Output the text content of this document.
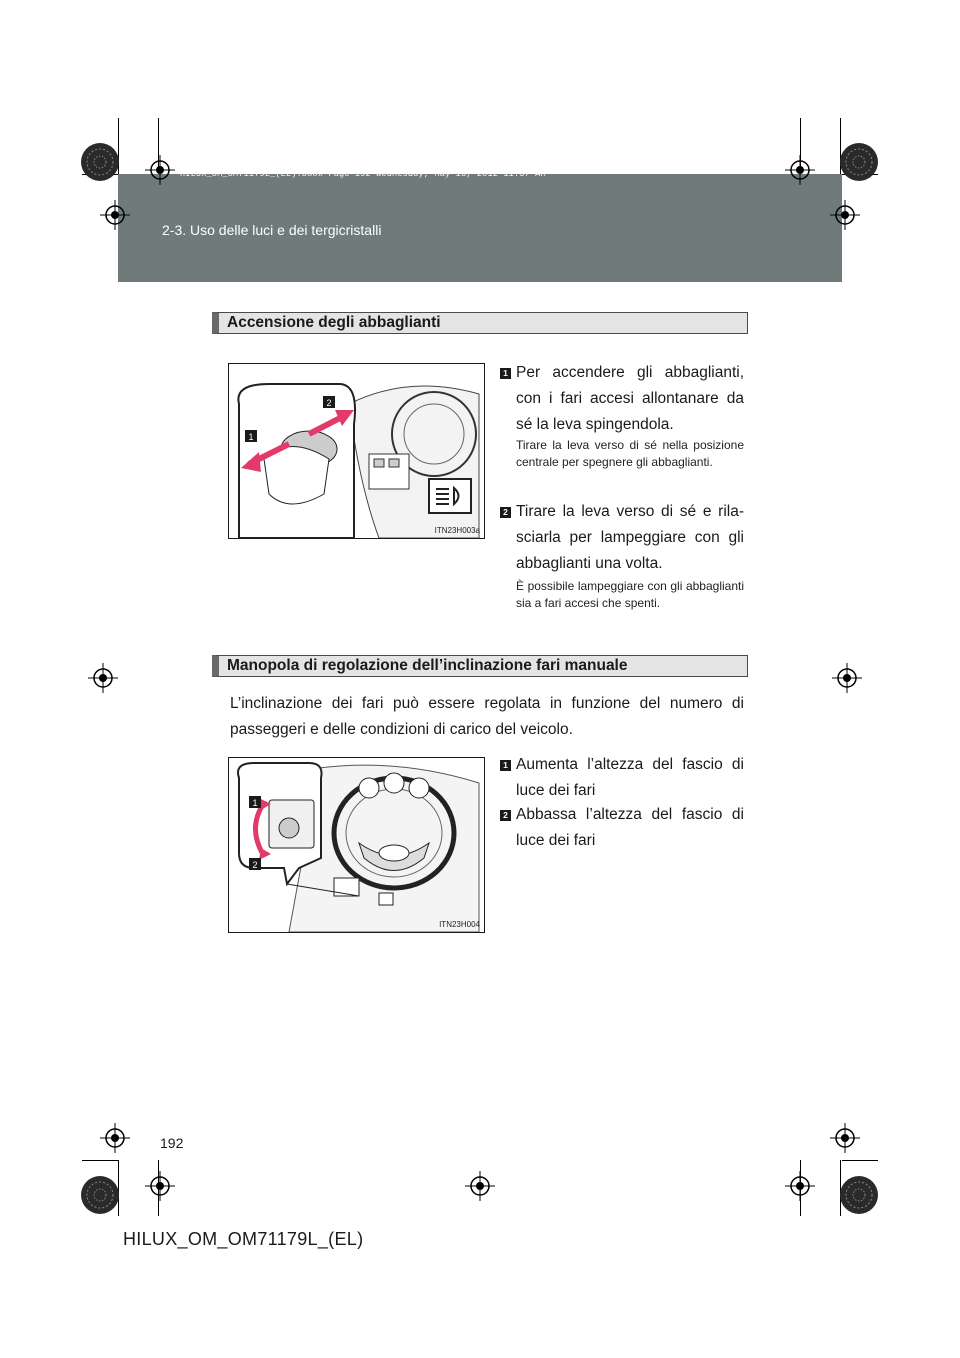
HILUX_OM_OM71179L_(EL).book Page 192 Wednesday, May 16, 2012 11:37 AM
2-3. Uso delle luci e dei tergicristalli
Accensione degli abbaglianti
1
2
ITN23H003a
1 Per accendere gli abbaglianti, con i fari accesi allontanare da sé la leva spingendola.
Tirare la leva verso di sé nella posizione centrale per spegnere gli abbaglianti.
2 Tirare la leva verso di sé e rila-sciarla per lampeggiare con gli abbaglianti una volta.
È possibile lampeggiare con gli abbaglianti sia a fari accesi che spenti.
Manopola di regolazione dell’inclinazione fari manuale
L’inclinazione dei fari può essere regolata in funzione del numero di passeggeri e delle condizioni di carico del veicolo.
1
2
ITN23H004
1 Aumenta l’altezza del fascio di luce dei fari
2 Abbassa l’altezza del fascio di luce dei fari
192
HILUX_OM_OM71179L_(EL)
